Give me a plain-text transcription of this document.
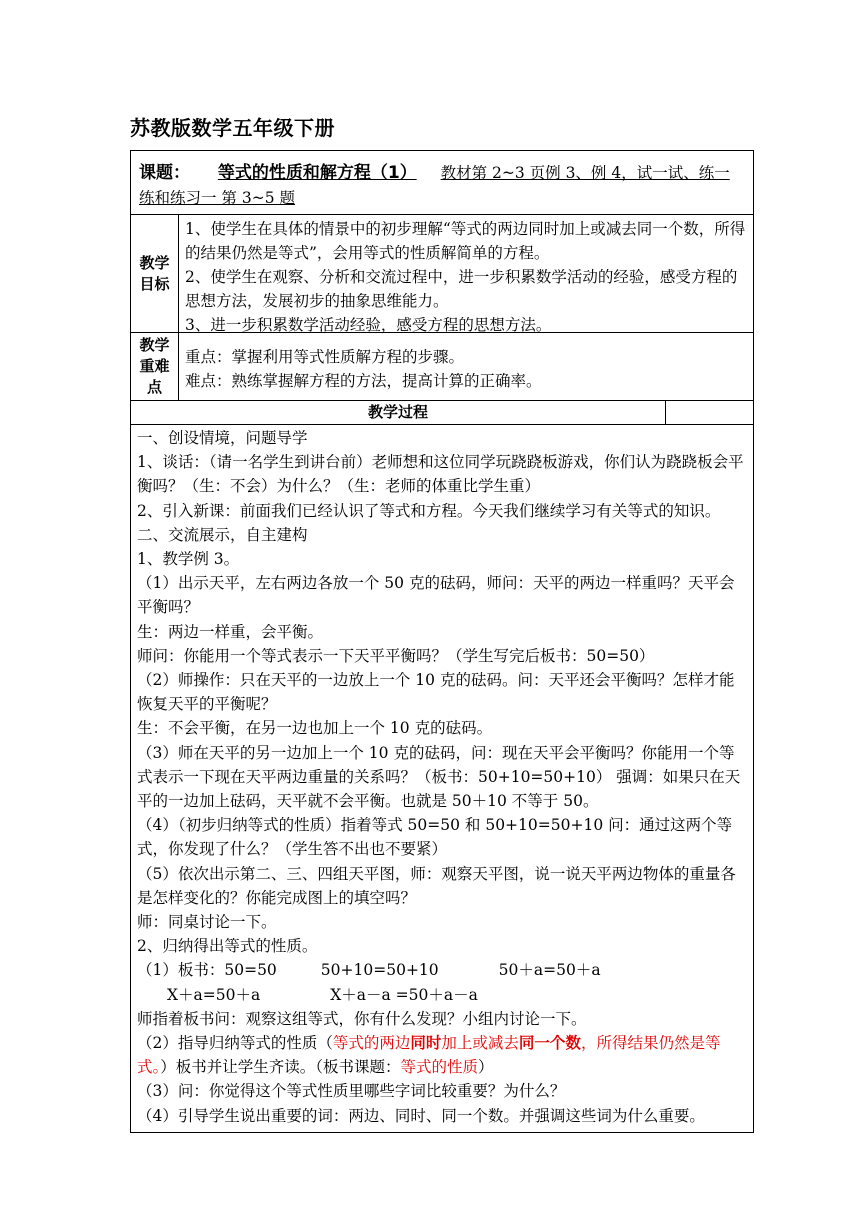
苏教版数学五年级下册
课题： 等式的性质和解方程（1） 教材第 2~3 页例 3、例 4，试一试、练一练和练习一 第 3~5 题
教学目标
1、使学生在具体的情景中的初步理解“等式的两边同时加上或减去同一个数，所得的结果仍然是等式”，会用等式的性质解简单的方程。
2、使学生在观察、分析和交流过程中，进一步积累数学活动的经验，感受方程的思想方法，发展初步的抽象思维能力。
3、进一步积累数学活动经验，感受方程的思想方法。
教学重难点
重点：掌握利用等式性质解方程的步骤。
难点：熟练掌握解方程的方法，提高计算的正确率。
教学过程

一、创设情境，问题导学

1、谈话：（请一名学生到讲台前）老师想和这位同学玩跷跷板游戏，你们认为跷跷板会平衡吗？（生：不会）为什么？（生：老师的体重比学生重）

2、引入新课：前面我们已经认识了等式和方程。今天我们继续学习有关等式的知识。

二、交流展示，自主建构

1、教学例 3。

（1）出示天平，左右两边各放一个 50 克的砝码，师问：天平的两边一样重吗？天平会平衡吗？

生：两边一样重，会平衡。

师问：你能用一个等式表示一下天平平衡吗？（学生写完后板书：50=50）

（2）师操作：只在天平的一边放上一个 10 克的砝码。问：天平还会平衡吗？怎样才能恢复天平的平衡呢？

生：不会平衡，在另一边也加上一个 10 克的砝码。

（3）师在天平的另一边加上一个 10 克的砝码，问：现在天平会平衡吗？你能用一个等式表示一下现在天平两边重量的关系吗？（板书：50+10=50+10） 强调：如果只在天平的一边加上砝码，天平就不会平衡。也就是 50＋10 不等于 50。

（4）（初步归纳等式的性质）指着等式 50=50 和 50+10=50+10 问：通过这两个等式，你发现了什么？（学生答不出也不要紧）

（5）依次出示第二、三、四组天平图，师：观察天平图，说一说天平两边物体的重量各是怎样变化的？你能完成图上的填空吗？

师：同桌讨论一下。

2、归纳得出等式的性质。

（1）板书：50=50	50+10=50+10	50＋a=50＋a

Ⅹ＋a=50＋a	Ⅹ＋a－a =50＋a－a

师指着板书问：观察这组等式，你有什么发现？小组内讨论一下。

（2）指导归纳等式的性质（等式的两边同时加上或减去同一个数，所得结果仍然是等式。）板书并让学生齐读。（板书课题：等式的性质）

（3）问：你觉得这个等式性质里哪些字词比较重要？为什么？

（4）引导学生说出重要的词：两边、同时、同一个数。并强调这些词为什么重要。
